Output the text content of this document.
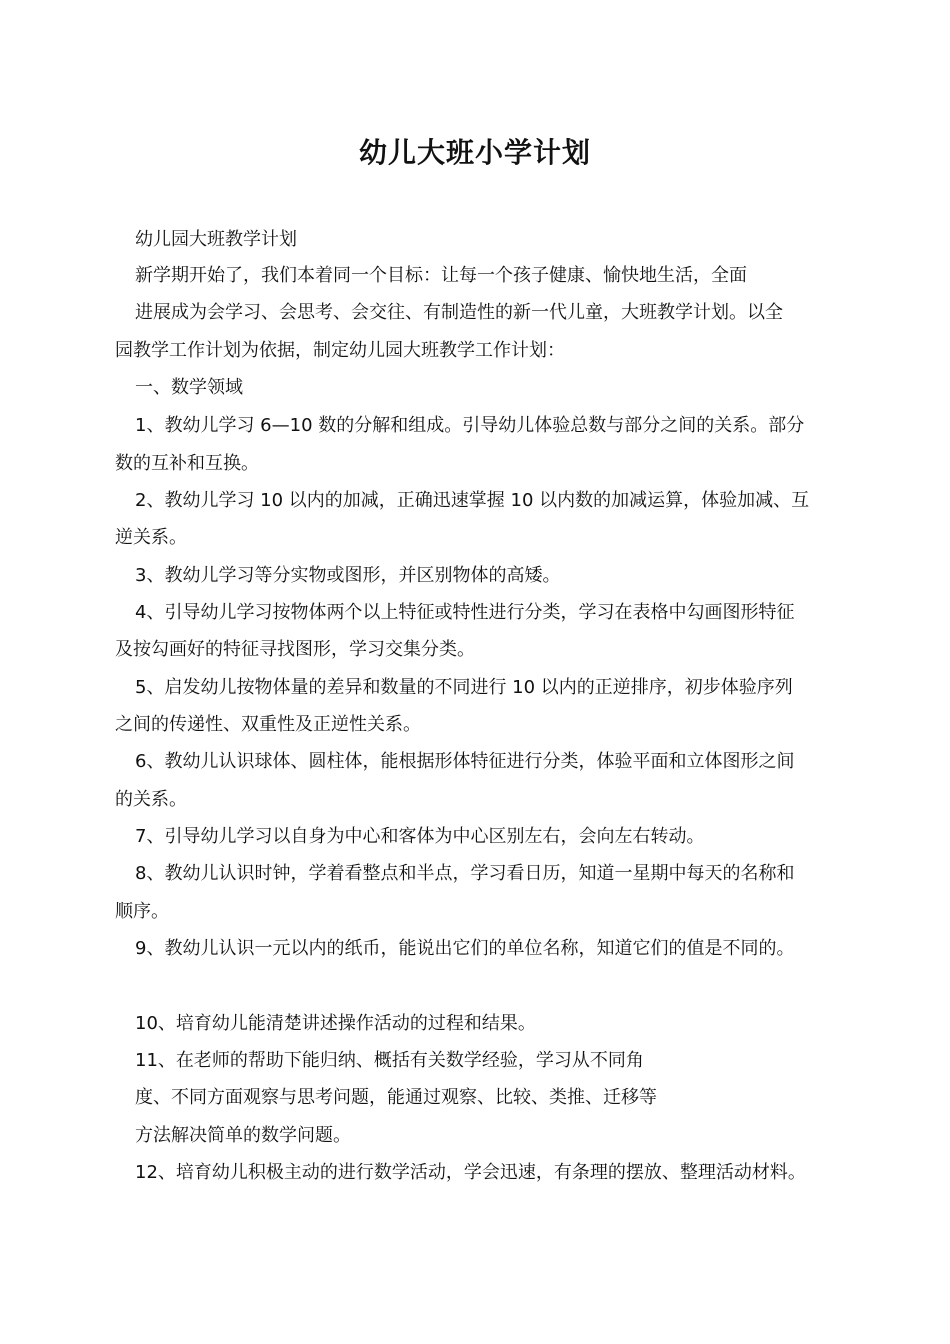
幼儿大班小学计划

幼儿园大班教学计划

新学期开始了，我们本着同一个目标：让每一个孩子健康、愉快地生活，全面

进展成为会学习、会思考、会交往、有制造性的新一代儿童，大班教学计划。以全

园教学工作计划为依据，制定幼儿园大班教学工作计划：

一、数学领域

1、教幼儿学习 6—10 数的分解和组成。引导幼儿体验总数与部分之间的关系。部分

数的互补和互换。

2、教幼儿学习 10 以内的加减，正确迅速掌握 10 以内数的加减运算，体验加减、互

逆关系。

3、教幼儿学习等分实物或图形，并区别物体的高矮。

4、引导幼儿学习按物体两个以上特征或特性进行分类，学习在表格中勾画图形特征

及按勾画好的特征寻找图形，学习交集分类。

5、启发幼儿按物体量的差异和数量的不同进行 10 以内的正逆排序，初步体验序列

之间的传递性、双重性及正逆性关系。

6、教幼儿认识球体、圆柱体，能根据形体特征进行分类，体验平面和立体图形之间

的关系。

7、引导幼儿学习以自身为中心和客体为中心区别左右，会向左右转动。

8、教幼儿认识时钟，学着看整点和半点，学习看日历，知道一星期中每天的名称和

顺序。

9、教幼儿认识一元以内的纸币，能说出它们的单位名称，知道它们的值是不同的。

10、培育幼儿能清楚讲述操作活动的过程和结果。

11、在老师的帮助下能归纳、概括有关数学经验，学习从不同角

度、不同方面观察与思考问题，能通过观察、比较、类推、迁移等

方法解决简单的数学问题。

12、培育幼儿积极主动的进行数学活动，学会迅速，有条理的摆放、整理活动材料。
